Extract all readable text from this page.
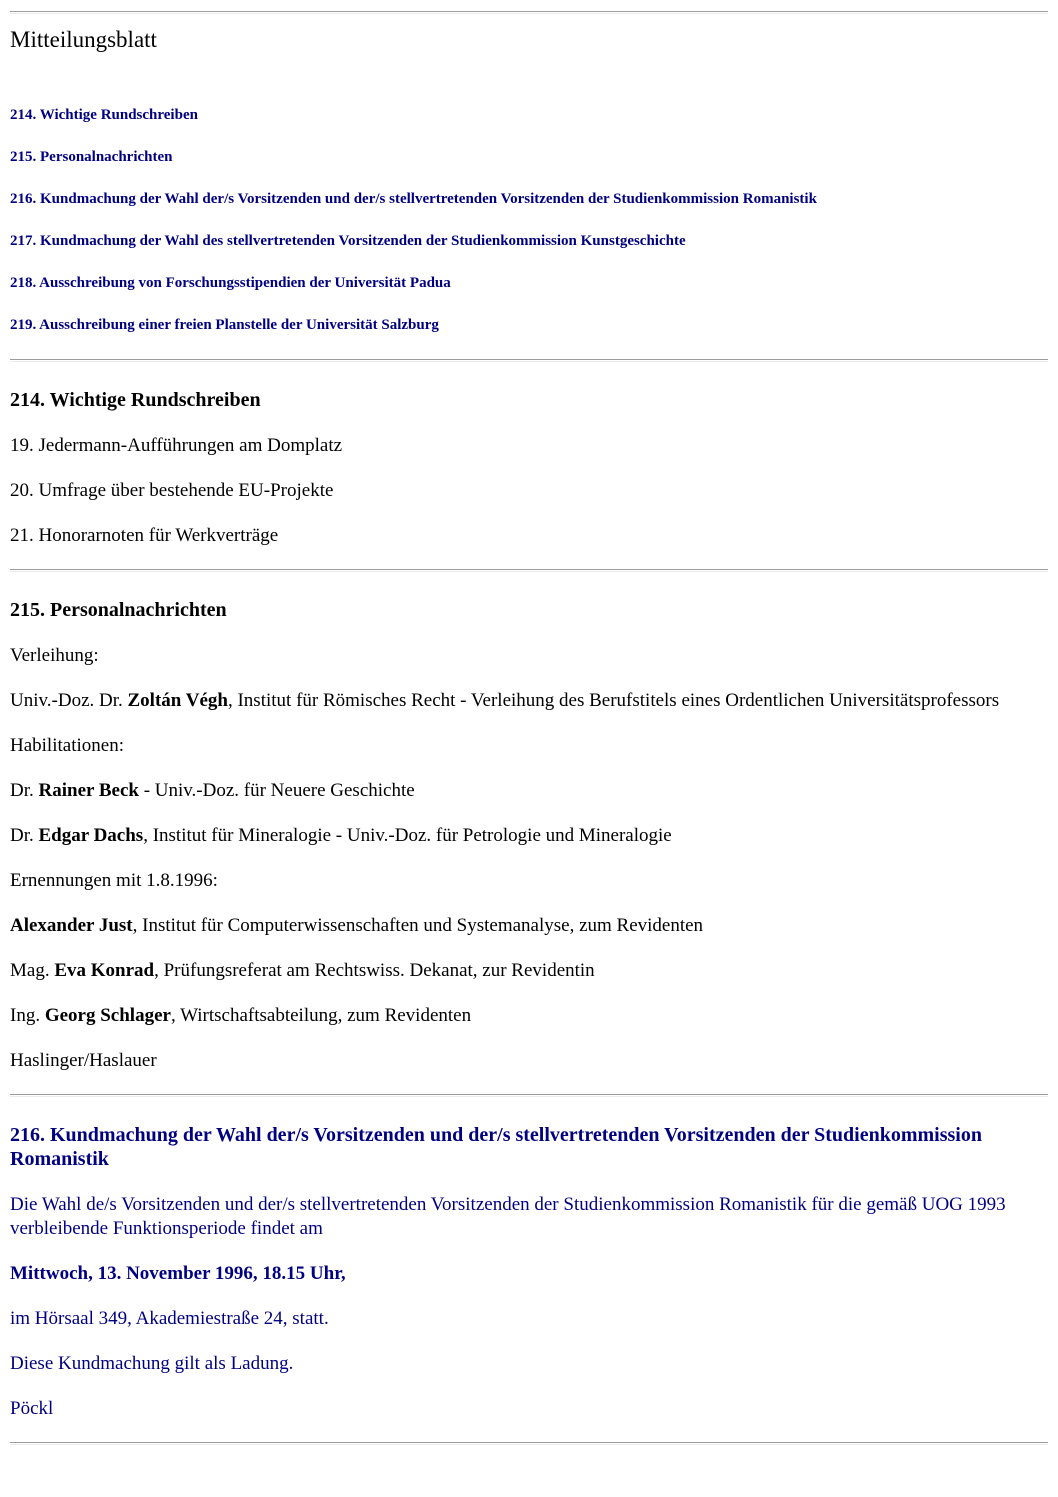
Mitteilungsblatt

214. Wichtige Rundschreiben

215. Personalnachrichten

216. Kundmachung der Wahl der/s Vorsitzenden und der/s stellvertretenden Vorsitzenden der Studienkommission Romanistik

217. Kundmachung der Wahl des stellvertretenden Vorsitzenden der Studienkommission Kunstgeschichte

218. Ausschreibung von Forschungsstipendien der Universität Padua

219. Ausschreibung einer freien Planstelle der Universität Salzburg

214. Wichtige Rundschreiben

19. Jedermann-Aufführungen am Domplatz

20. Umfrage über bestehende EU-Projekte

21. Honorarnoten für Werkverträge

215. Personalnachrichten

Verleihung:

Univ.-Doz. Dr. Zoltán Végh, Institut für Römisches Recht - Verleihung des Berufstitels eines Ordentlichen Universitätsprofessors

Habilitationen:

Dr. Rainer Beck - Univ.-Doz. für Neuere Geschichte

Dr. Edgar Dachs, Institut für Mineralogie - Univ.-Doz. für Petrologie und Mineralogie

Ernennungen mit 1.8.1996:

Alexander Just, Institut für Computerwissenschaften und Systemanalyse, zum Revidenten

Mag. Eva Konrad, Prüfungsreferat am Rechtswiss. Dekanat, zur Revidentin

Ing. Georg Schlager, Wirtschaftsabteilung, zum Revidenten

Haslinger/Haslauer

216. Kundmachung der Wahl der/s Vorsitzenden und der/s stellvertretenden Vorsitzenden der Studienkommission Romanistik

Die Wahl de/s Vorsitzenden und der/s stellvertretenden Vorsitzenden der Studienkommission Romanistik für die gemäß UOG 1993 verbleibende Funktionsperiode findet am

Mittwoch, 13. November 1996, 18.15 Uhr,

im Hörsaal 349, Akademiestraße 24, statt.

Diese Kundmachung gilt als Ladung.

Pöckl
